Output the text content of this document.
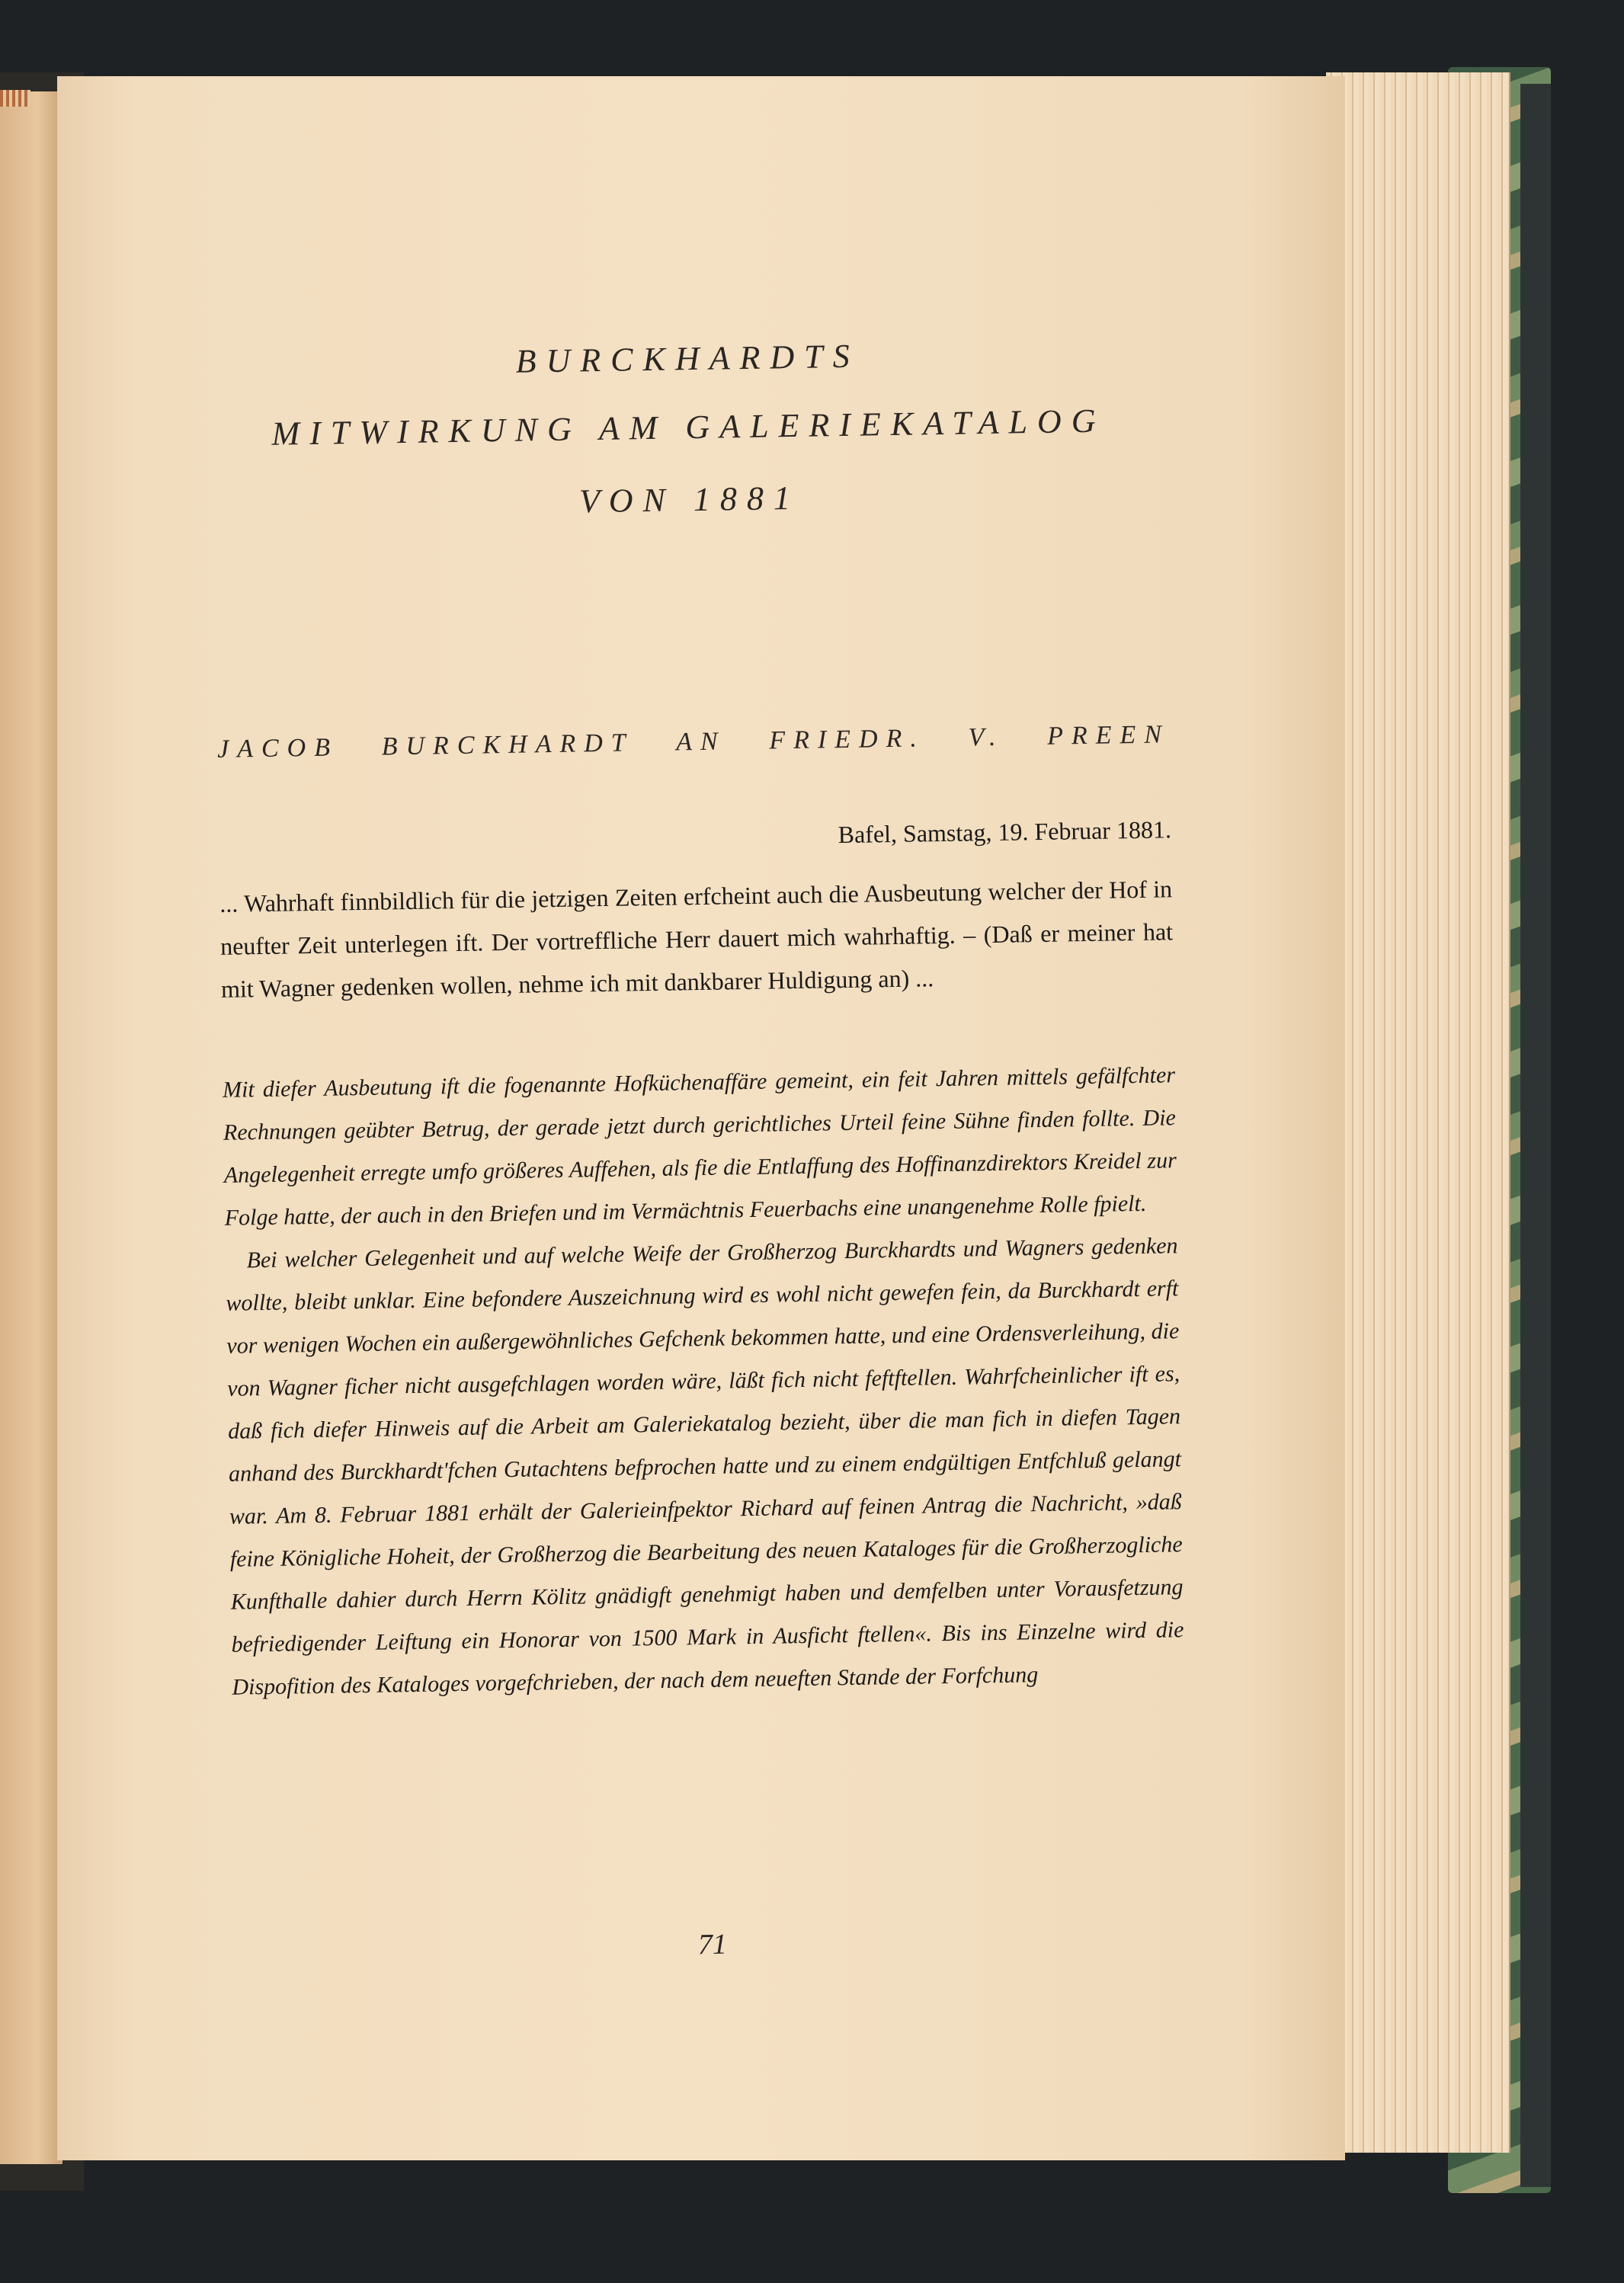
BURCKHARDTS

MITWIRKUNG AM GALERIEKATALOG

VON 1881

JACOB BURCKHARDT AN FRIEDR. V. PREEN

Bafel, Samstag, 19. Februar 1881.

... Wahrhaft finnbildlich für die jetzigen Zeiten erfcheint auch die Ausbeutung welcher der Hof in neufter Zeit unterlegen ift. Der vortreffliche Herr dauert mich wahrhaftig. – (Daß er meiner hat mit Wagner gedenken wollen, nehme ich mit dankbarer Huldigung an) ...

Mit diefer Ausbeutung ift die fogenannte Hofküchenaffäre gemeint, ein feit Jahren mittels gefälfchter Rechnungen geübter Betrug, der gerade jetzt durch gerichtliches Urteil feine Sühne finden follte. Die Angelegenheit erregte umfo größeres Auffehen, als fie die Entlaffung des Hoffinanzdirektors Kreidel zur Folge hatte, der auch in den Briefen und im Vermächtnis Feuerbachs eine unangenehme Rolle fpielt.

Bei welcher Gelegenheit und auf welche Weife der Großherzog Burckhardts und Wagners gedenken wollte, bleibt unklar. Eine befondere Auszeichnung wird es wohl nicht gewefen fein, da Burckhardt erft vor wenigen Wochen ein außergewöhnliches Gefchenk bekommen hatte, und eine Ordensverleihung, die von Wagner ficher nicht ausgefchlagen worden wäre, läßt fich nicht feftftellen. Wahrfcheinlicher ift es, daß fich diefer Hinweis auf die Arbeit am Galeriekatalog bezieht, über die man fich in diefen Tagen anhand des Burckhardt'fchen Gutachtens befprochen hatte und zu einem endgültigen Entfchluß gelangt war. Am 8. Februar 1881 erhält der Galerieinfpektor Richard auf feinen Antrag die Nachricht, »daß feine Königliche Hoheit, der Großherzog die Bearbeitung des neuen Kataloges für die Großherzogliche Kunfthalle dahier durch Herrn Kölitz gnädigft genehmigt haben und demfelben unter Vorausfetzung befriedigender Leiftung ein Honorar von 1500 Mark in Ausficht ftellen«. Bis ins Einzelne wird die Dispofition des Kataloges vorgefchrieben, der nach dem neueften Stande der Forfchung

71
